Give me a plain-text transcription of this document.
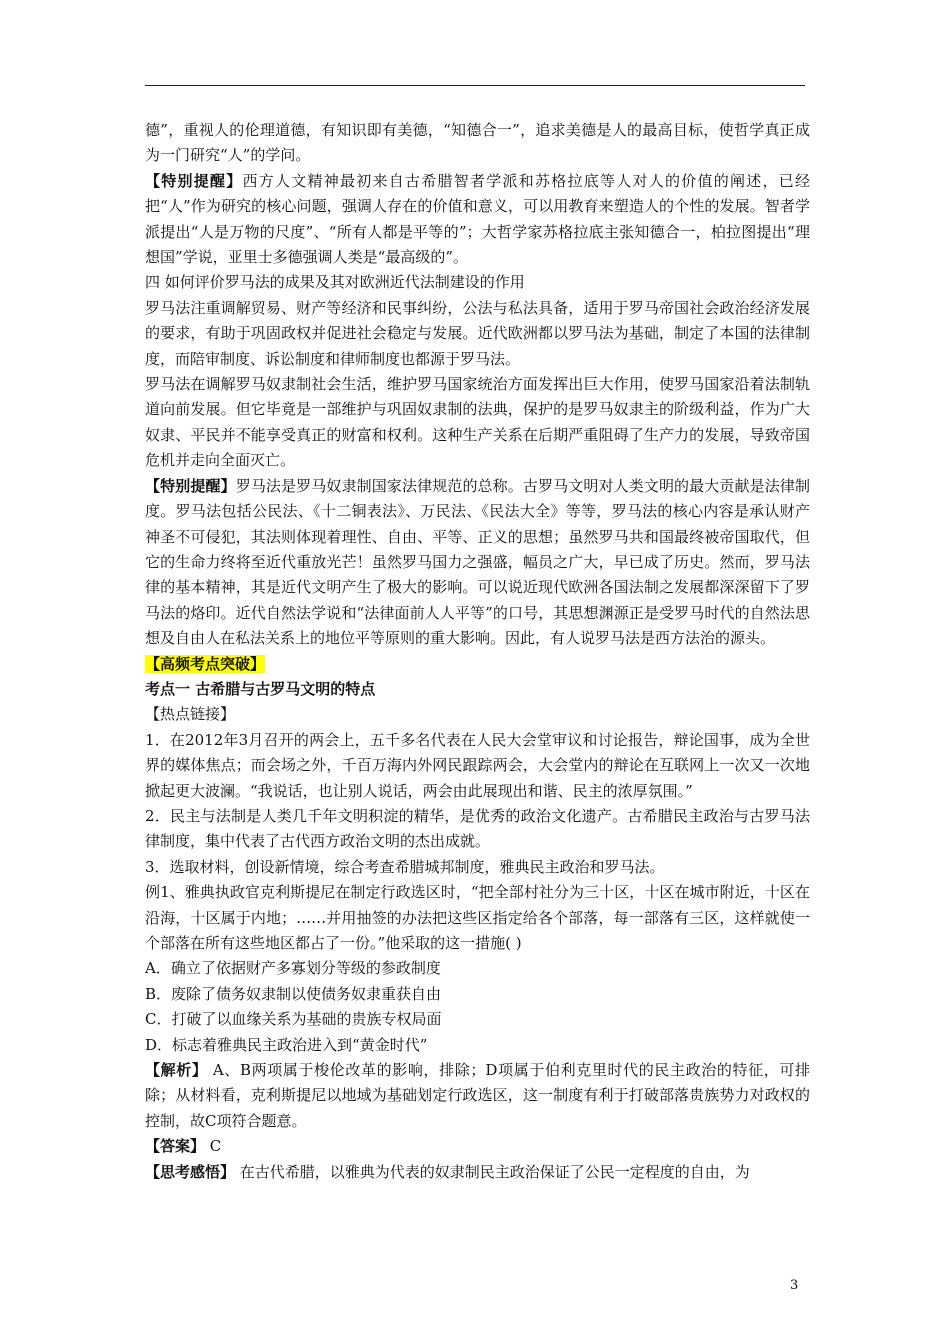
德”，重视人的伦理道德，有知识即有美德，“知德合一”，追求美德是人的最高目标，使哲学真正成为一门研究“人”的学问。

【特别提醒】西方人文精神最初来自古希腊智者学派和苏格拉底等人对人的价值的阐述，已经把“人”作为研究的核心问题，强调人存在的价值和意义，可以用教育来塑造人的个性的发展。智者学派提出“人是万物的尺度”、“所有人都是平等的”；大哲学家苏格拉底主张知德合一，柏拉图提出“理想国”学说，亚里士多德强调人类是“最高级的”。

四 如何评价罗马法的成果及其对欧洲近代法制建设的作用

罗马法注重调解贸易、财产等经济和民事纠纷，公法与私法具备，适用于罗马帝国社会政治经济发展的要求，有助于巩固政权并促进社会稳定与发展。近代欧洲都以罗马法为基础，制定了本国的法律制度，而陪审制度、诉讼制度和律师制度也都源于罗马法。

罗马法在调解罗马奴隶制社会生活，维护罗马国家统治方面发挥出巨大作用，使罗马国家沿着法制轨道向前发展。但它毕竟是一部维护与巩固奴隶制的法典，保护的是罗马奴隶主的阶级利益，作为广大奴隶、平民并不能享受真正的财富和权利。这种生产关系在后期严重阻碍了生产力的发展，导致帝国危机并走向全面灭亡。

【特别提醒】罗马法是罗马奴隶制国家法律规范的总称。古罗马文明对人类文明的最大贡献是法律制度。罗马法包括公民法、《十二铜表法》、万民法、《民法大全》等等，罗马法的核心内容是承认财产神圣不可侵犯，其法则体现着理性、自由、平等、正义的思想；虽然罗马共和国最终被帝国取代，但它的生命力终将至近代重放光芒！虽然罗马国力之强盛，幅员之广大，早已成了历史。然而，罗马法律的基本精神，其是近代文明产生了极大的影响。可以说近现代欧洲各国法制之发展都深深留下了罗马法的烙印。近代自然法学说和“法律面前人人平等”的口号，其思想渊源正是受罗马时代的自然法思想及自由人在私法关系上的地位平等原则的重大影响。因此，有人说罗马法是西方法治的源头。

【高频考点突破】

考点一 古希腊与古罗马文明的特点

【热点链接】

1．在2012年3月召开的两会上，五千多名代表在人民大会堂审议和讨论报告，辩论国事，成为全世界的媒体焦点；而会场之外，千百万海内外网民跟踪两会，大会堂内的辩论在互联网上一次又一次地掀起更大波澜。“我说话，也让别人说话，两会由此展现出和谐、民主的浓厚氛围。”

2．民主与法制是人类几千年文明积淀的精华，是优秀的政治文化遗产。古希腊民主政治与古罗马法律制度，集中代表了古代西方政治文明的杰出成就。

3．选取材料，创设新情境，综合考查希腊城邦制度，雅典民主政治和罗马法。

例1、雅典执政官克利斯提尼在制定行政选区时，“把全部村社分为三十区，十区在城市附近，十区在沿海，十区属于内地；……并用抽签的办法把这些区指定给各个部落，每一部落有三区，这样就使一个部落在所有这些地区都占了一份。”他采取的这一措施( )

A．确立了依据财产多寡划分等级的参政制度

B．废除了债务奴隶制以使债务奴隶重获自由

C．打破了以血缘关系为基础的贵族专权局面

D．标志着雅典民主政治进入到“黄金时代”

【解析】 A、B两项属于梭伦改革的影响，排除；D项属于伯利克里时代的民主政治的特征，可排除；从材料看，克利斯提尼以地域为基础划定行政选区，这一制度有利于打破部落贵族势力对政权的控制，故C项符合题意。

【答案】 C

【思考感悟】 在古代希腊，以雅典为代表的奴隶制民主政治保证了公民一定程度的自由，为

3
